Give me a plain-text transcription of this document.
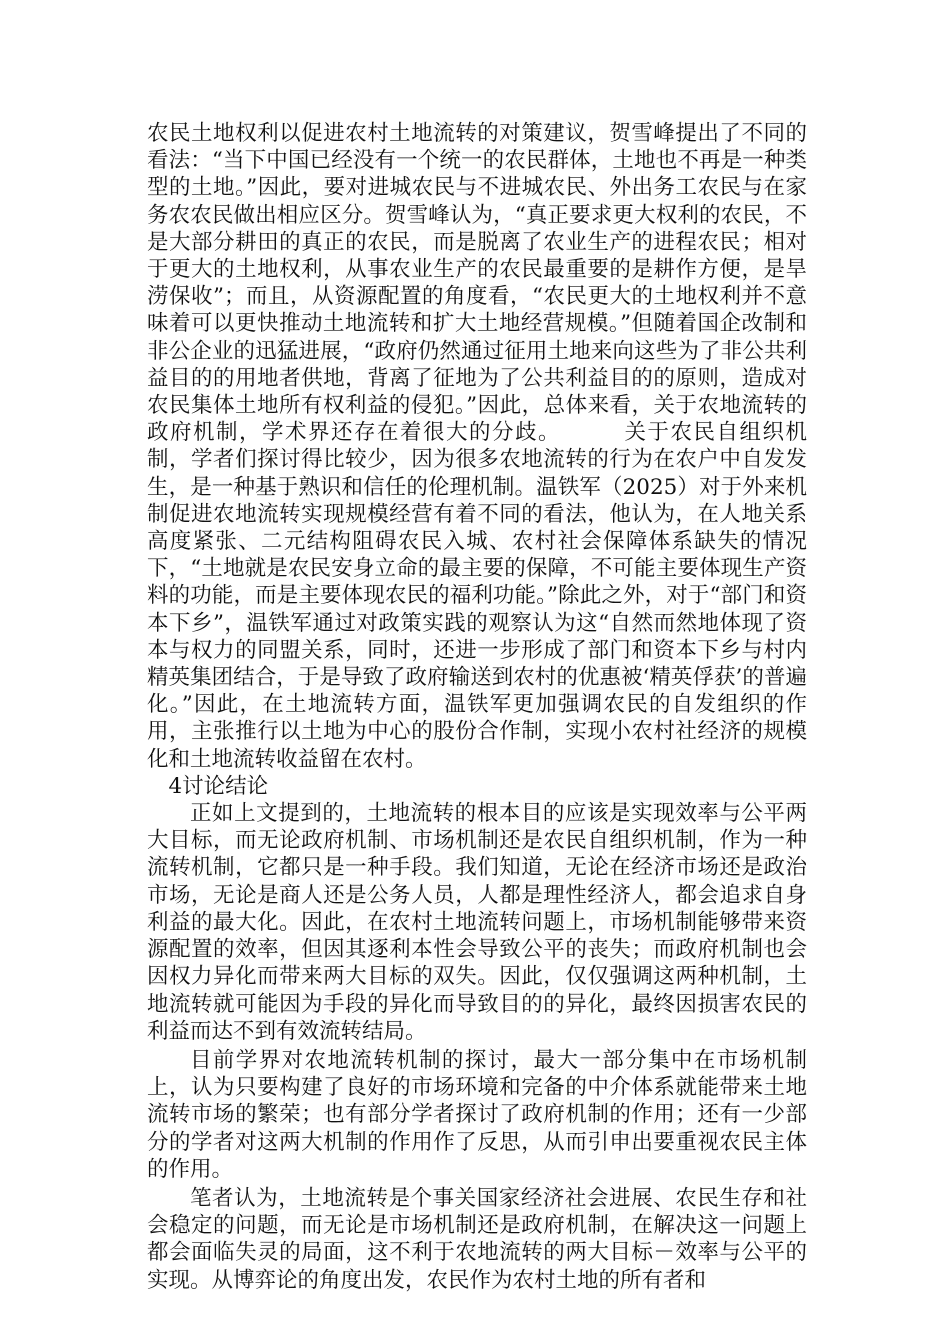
农民土地权利以促进农村土地流转的对策建议，贺雪峰提出了不同的看法：“当下中国已经没有一个统一的农民群体，土地也不再是一种类型的土地。”因此，要对进城农民与不进城农民、外出务工农民与在家务农农民做出相应区分。贺雪峰认为，“真正要求更大权利的农民，不是大部分耕田的真正的农民，而是脱离了农业生产的进程农民；相对于更大的土地权利，从事农业生产的农民最重要的是耕作方便，是旱涝保收”；而且，从资源配置的角度看，“农民更大的土地权利并不意味着可以更快推动土地流转和扩大土地经营规模。”但随着国企改制和非公企业的迅猛进展，“政府仍然通过征用土地来向这些为了非公共利益目的的用地者供地，背离了征地为了公共利益目的的原则，造成对农民集体土地所有权利益的侵犯。”因此，总体来看，关于农地流转的政府机制，学术界还存在着很大的分歧。	关于农民自组织机制，学者们探讨得比较少，因为很多农地流转的行为在农户中自发发生，是一种基于熟识和信任的伦理机制。温铁军（2025）对于外来机制促进农地流转实现规模经营有着不同的看法，他认为，在人地关系高度紧张、二元结构阻碍农民入城、农村社会保障体系缺失的情况下，“土地就是农民安身立命的最主要的保障，不可能主要体现生产资料的功能，而是主要体现农民的福利功能。”除此之外，对于“部门和资本下乡”，温铁军通过对政策实践的观察认为这“自然而然地体现了资本与权力的同盟关系，同时，还进一步形成了部门和资本下乡与村内精英集团结合，于是导致了政府输送到农村的优惠被‘精英俘获’的普遍化。”因此，在土地流转方面，温铁军更加强调农民的自发组织的作用，主张推行以土地为中心的股份合作制，实现小农村社经济的规模化和土地流转收益留在农村。

4讨论结论

正如上文提到的，土地流转的根本目的应该是实现效率与公平两大目标，而无论政府机制、市场机制还是农民自组织机制，作为一种流转机制，它都只是一种手段。我们知道，无论在经济市场还是政治市场，无论是商人还是公务人员，人都是理性经济人，都会追求自身利益的最大化。因此，在农村土地流转问题上，市场机制能够带来资源配置的效率，但因其逐利本性会导致公平的丧失；而政府机制也会因权力异化而带来两大目标的双失。因此，仅仅强调这两种机制，土地流转就可能因为手段的异化而导致目的的异化，最终因损害农民的利益而达不到有效流转结局。

目前学界对农地流转机制的探讨，最大一部分集中在市场机制上，认为只要构建了良好的市场环境和完备的中介体系就能带来土地流转市场的繁荣；也有部分学者探讨了政府机制的作用；还有一少部分的学者对这两大机制的作用作了反思，从而引申出要重视农民主体的作用。

笔者认为，土地流转是个事关国家经济社会进展、农民生存和社会稳定的问题，而无论是市场机制还是政府机制，在解决这一问题上都会面临失灵的局面，这不利于农地流转的两大目标－效率与公平的实现。从博弈论的角度出发，农民作为农村土地的所有者和
